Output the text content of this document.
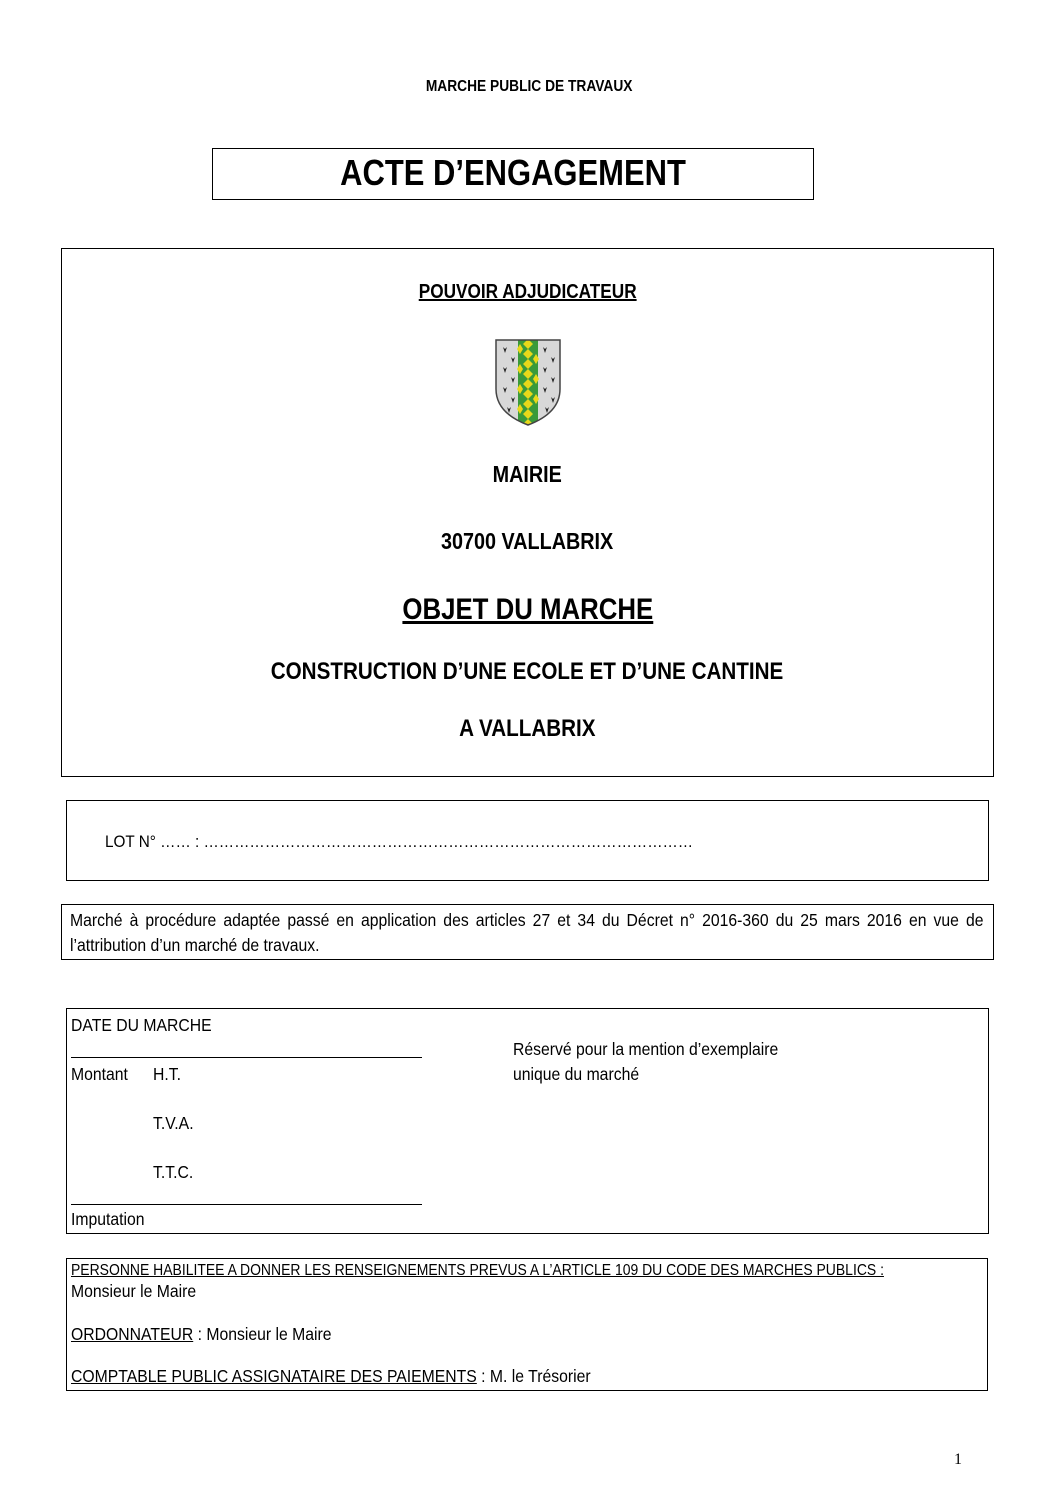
MARCHE PUBLIC DE TRAVAUX
ACTE D’ENGAGEMENT
POUVOIR ADJUDICATEUR
MAIRIE
30700 VALLABRIX
OBJET DU MARCHE
CONSTRUCTION D’UNE ECOLE ET D’UNE CANTINE
A VALLABRIX
LOT N° …… : ……………………………………………………………………………………
Marché à procédure adaptée passé en application des articles 27 et 34 du Décret n° 2016-360 du 25 mars 2016 en vue de l’attribution d’un marché de travaux.
DATE DU MARCHE
Montant H.T.
T.V.A.
T.T.C.
Imputation
Réservé pour la mention d’exemplaire
unique du marché
PERSONNE HABILITEE A DONNER LES RENSEIGNEMENTS PREVUS A L’ARTICLE 109 DU CODE DES MARCHES PUBLICS :
Monsieur le Maire
ORDONNATEUR : Monsieur le Maire
COMPTABLE PUBLIC ASSIGNATAIRE DES PAIEMENTS : M. le Trésorier
1
